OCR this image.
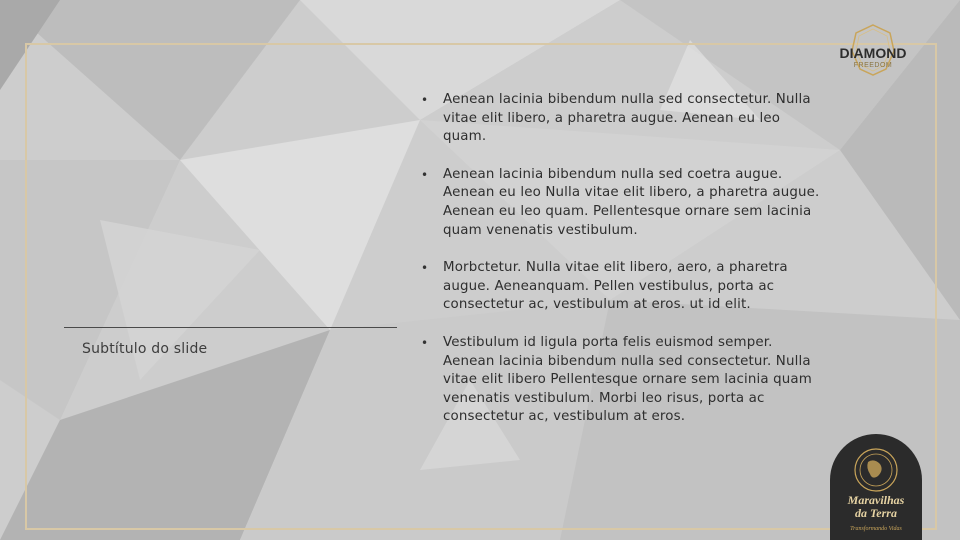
DIAMOND
FREEDOM
Subtítulo do slide
• Aenean lacinia bibendum nulla sed consectetur. Nulla vitae elit libero, a pharetra augue. Aenean eu leo quam.
• Aenean lacinia bibendum nulla sed coetra augue. Aenean eu leo Nulla vitae elit libero, a pharetra augue. Aenean eu leo quam. Pellentesque ornare sem lacinia quam venenatis vestibulum.
• Morbctetur. Nulla vitae elit libero, aero, a pharetra augue. Aeneanquam. Pellen vestibulus, porta ac consectetur ac, vestibulum at eros. ut id elit.
• Vestibulum id ligula porta felis euismod semper. Aenean lacinia bibendum nulla sed consectetur. Nulla vitae elit libero Pellentesque ornare sem lacinia quam venenatis vestibulum. Morbi leo risus, porta ac consectetur ac, vestibulum at eros.
Maravilhas
da Terra
Transformando Vidas
